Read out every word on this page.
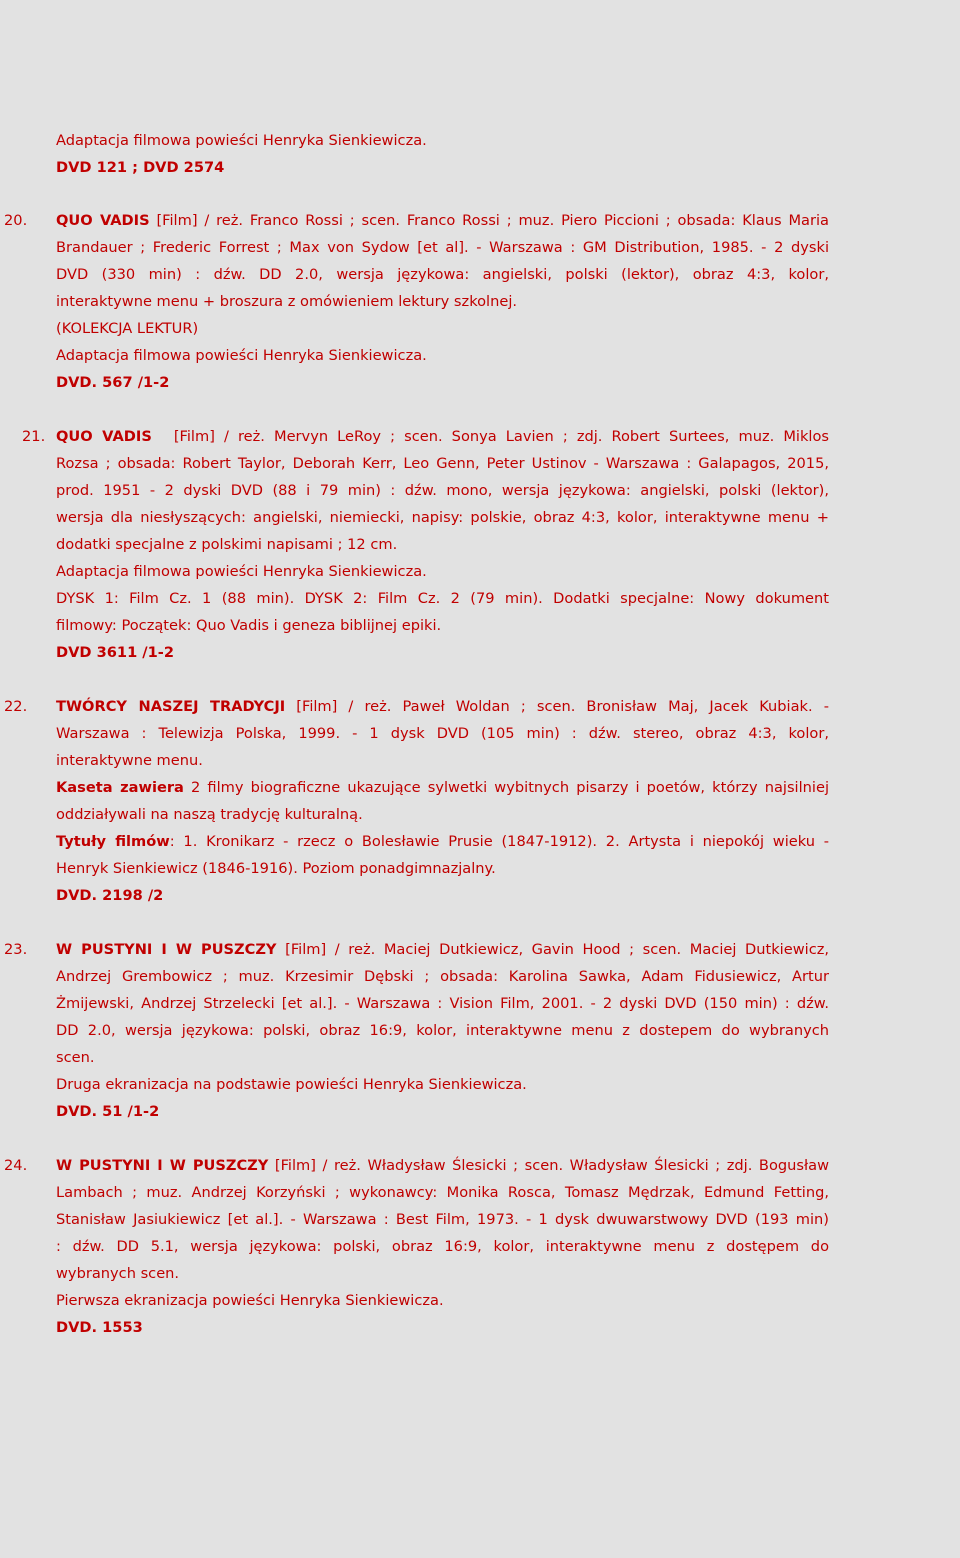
Adaptacja filmowa powieści Henryka Sienkiewicza.
DVD 121 ; DVD 2574
20. QUO VADIS [Film] / reż. Franco Rossi ; scen. Franco Rossi ; muz. Piero Piccioni ; obsada: Klaus Maria
Brandauer ; Frederic Forrest ; Max von Sydow [et al]. - Warszawa : GM Distribution, 1985. - 2 dyski
DVD (330 min) : dźw. DD 2.0, wersja językowa: angielski, polski (lektor), obraz 4:3, kolor,
interaktywne menu + broszura z omówieniem lektury szkolnej.
(KOLEKCJA LEKTUR)
Adaptacja filmowa powieści Henryka Sienkiewicza.
DVD. 567 /1-2
21. QUO VADIS [Film] / reż. Mervyn LeRoy ; scen. Sonya Lavien ; zdj. Robert Surtees, muz. Miklos
Rozsa ; obsada: Robert Taylor, Deborah Kerr, Leo Genn, Peter Ustinov - Warszawa : Galapagos, 2015,
prod. 1951 - 2 dyski DVD (88 i 79 min) : dźw. mono, wersja językowa: angielski, polski (lektor),
wersja dla niesłyszących: angielski, niemiecki, napisy: polskie, obraz 4:3, kolor, interaktywne menu +
dodatki specjalne z polskimi napisami ; 12 cm.
Adaptacja filmowa powieści Henryka Sienkiewicza.
DYSK 1: Film Cz. 1 (88 min). DYSK 2: Film Cz. 2 (79 min). Dodatki specjalne: Nowy dokument
filmowy: Początek: Quo Vadis i geneza biblijnej epiki.
DVD 3611 /1-2
22. TWÓRCY NASZEJ TRADYCJI [Film] / reż. Paweł Woldan ; scen. Bronisław Maj, Jacek Kubiak. -
Warszawa : Telewizja Polska, 1999. - 1 dysk DVD (105 min) : dźw. stereo, obraz 4:3, kolor,
interaktywne menu.
Kaseta zawiera 2 filmy biograficzne ukazujące sylwetki wybitnych pisarzy i poetów, którzy najsilniej
oddziaływali na naszą tradycję kulturalną.
Tytuły filmów: 1. Kronikarz - rzecz o Bolesławie Prusie (1847-1912). 2. Artysta i niepokój wieku -
Henryk Sienkiewicz (1846-1916). Poziom ponadgimnazjalny.
DVD. 2198 /2
23. W PUSTYNI I W PUSZCZY [Film] / reż. Maciej Dutkiewicz, Gavin Hood ; scen. Maciej Dutkiewicz,
Andrzej Grembowicz ; muz. Krzesimir Dębski ; obsada: Karolina Sawka, Adam Fidusiewicz, Artur
Żmijewski, Andrzej Strzelecki [et al.]. - Warszawa : Vision Film, 2001. - 2 dyski DVD (150 min) : dźw.
DD 2.0, wersja językowa: polski, obraz 16:9, kolor, interaktywne menu z dostepem do wybranych
scen.
Druga ekranizacja na podstawie powieści Henryka Sienkiewicza.
DVD. 51 /1-2
24. W PUSTYNI I W PUSZCZY [Film] / reż. Władysław Ślesicki ; scen. Władysław Ślesicki ; zdj. Bogusław
Lambach ; muz. Andrzej Korzyński ; wykonawcy: Monika Rosca, Tomasz Mędrzak, Edmund Fetting,
Stanisław Jasiukiewicz [et al.]. - Warszawa : Best Film, 1973. - 1 dysk dwuwarstwowy DVD (193 min)
: dźw. DD 5.1, wersja językowa: polski, obraz 16:9, kolor, interaktywne menu z dostępem do
wybranych scen.
Pierwsza ekranizacja powieści Henryka Sienkiewicza.
DVD. 1553
